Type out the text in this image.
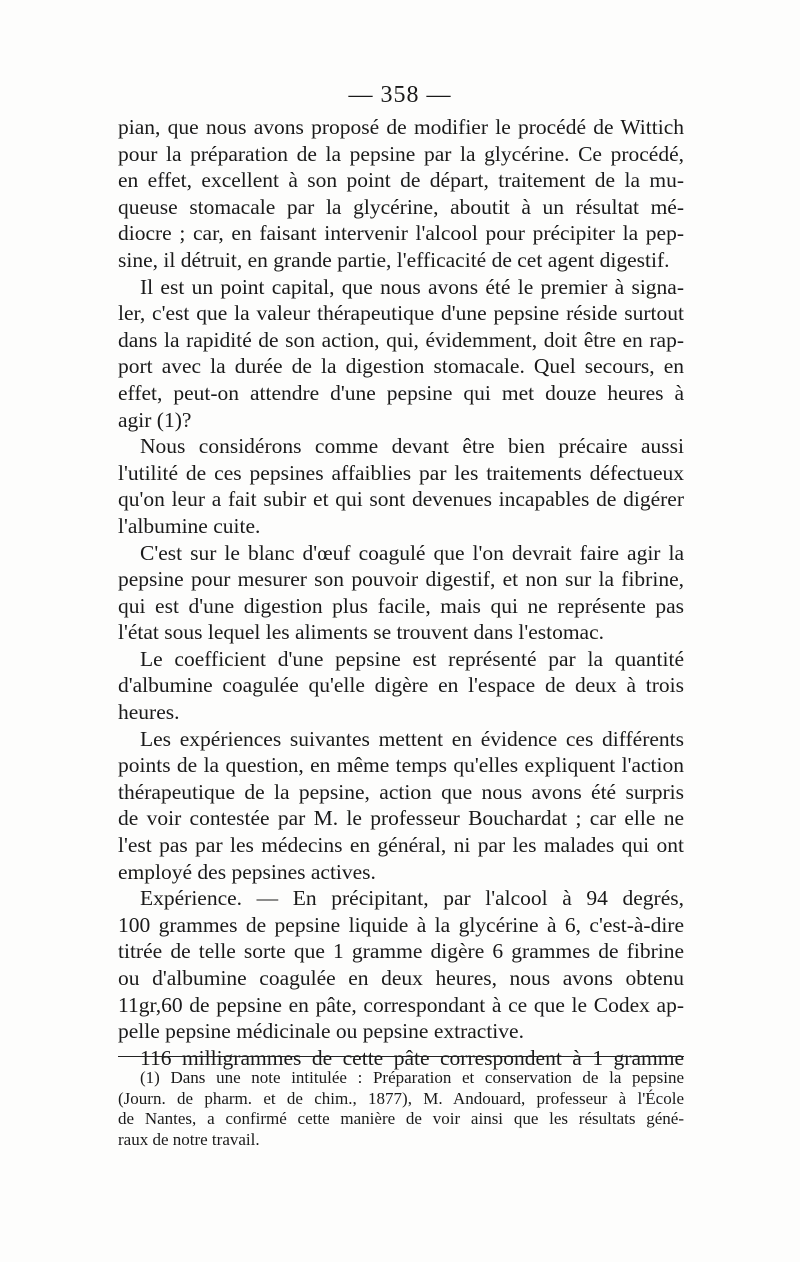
— 358 —

pian, que nous avons proposé de modifier le procédé de Wittich
pour la préparation de la pepsine par la glycérine. Ce procédé,
en effet, excellent à son point de départ, traitement de la mu-
queuse stomacale par la glycérine, aboutit à un résultat mé-
diocre ; car, en faisant intervenir l'alcool pour précipiter la pep-
sine, il détruit, en grande partie, l'efficacité de cet agent digestif.

Il est un point capital, que nous avons été le premier à signa-
ler, c'est que la valeur thérapeutique d'une pepsine réside surtout
dans la rapidité de son action, qui, évidemment, doit être en rap-
port avec la durée de la digestion stomacale. Quel secours, en
effet, peut-on attendre d'une pepsine qui met douze heures à
agir (1)?

Nous considérons comme devant être bien précaire aussi
l'utilité de ces pepsines affaiblies par les traitements défectueux
qu'on leur a fait subir et qui sont devenues incapables de digérer
l'albumine cuite.

C'est sur le blanc d'œuf coagulé que l'on devrait faire agir la
pepsine pour mesurer son pouvoir digestif, et non sur la fibrine,
qui est d'une digestion plus facile, mais qui ne représente pas
l'état sous lequel les aliments se trouvent dans l'estomac.

Le coefficient d'une pepsine est représenté par la quantité
d'albumine coagulée qu'elle digère en l'espace de deux à trois
heures.

Les expériences suivantes mettent en évidence ces différents
points de la question, en même temps qu'elles expliquent l'action
thérapeutique de la pepsine, action que nous avons été surpris
de voir contestée par M. le professeur Bouchardat ; car elle ne
l'est pas par les médecins en général, ni par les malades qui ont
employé des pepsines actives.

Expérience. — En précipitant, par l'alcool à 94 degrés,
100 grammes de pepsine liquide à la glycérine à 6, c'est-à-dire
titrée de telle sorte que 1 gramme digère 6 grammes de fibrine
ou d'albumine coagulée en deux heures, nous avons obtenu
11gr,60 de pepsine en pâte, correspondant à ce que le Codex ap-
pelle pepsine médicinale ou pepsine extractive.

116 milligrammes de cette pâte correspondent à 1 gramme

(1) Dans une note intitulée : Préparation et conservation de la pepsine
(Journ. de pharm. et de chim., 1877), M. Andouard, professeur à l'École
de Nantes, a confirmé cette manière de voir ainsi que les résultats géné-
raux de notre travail.
